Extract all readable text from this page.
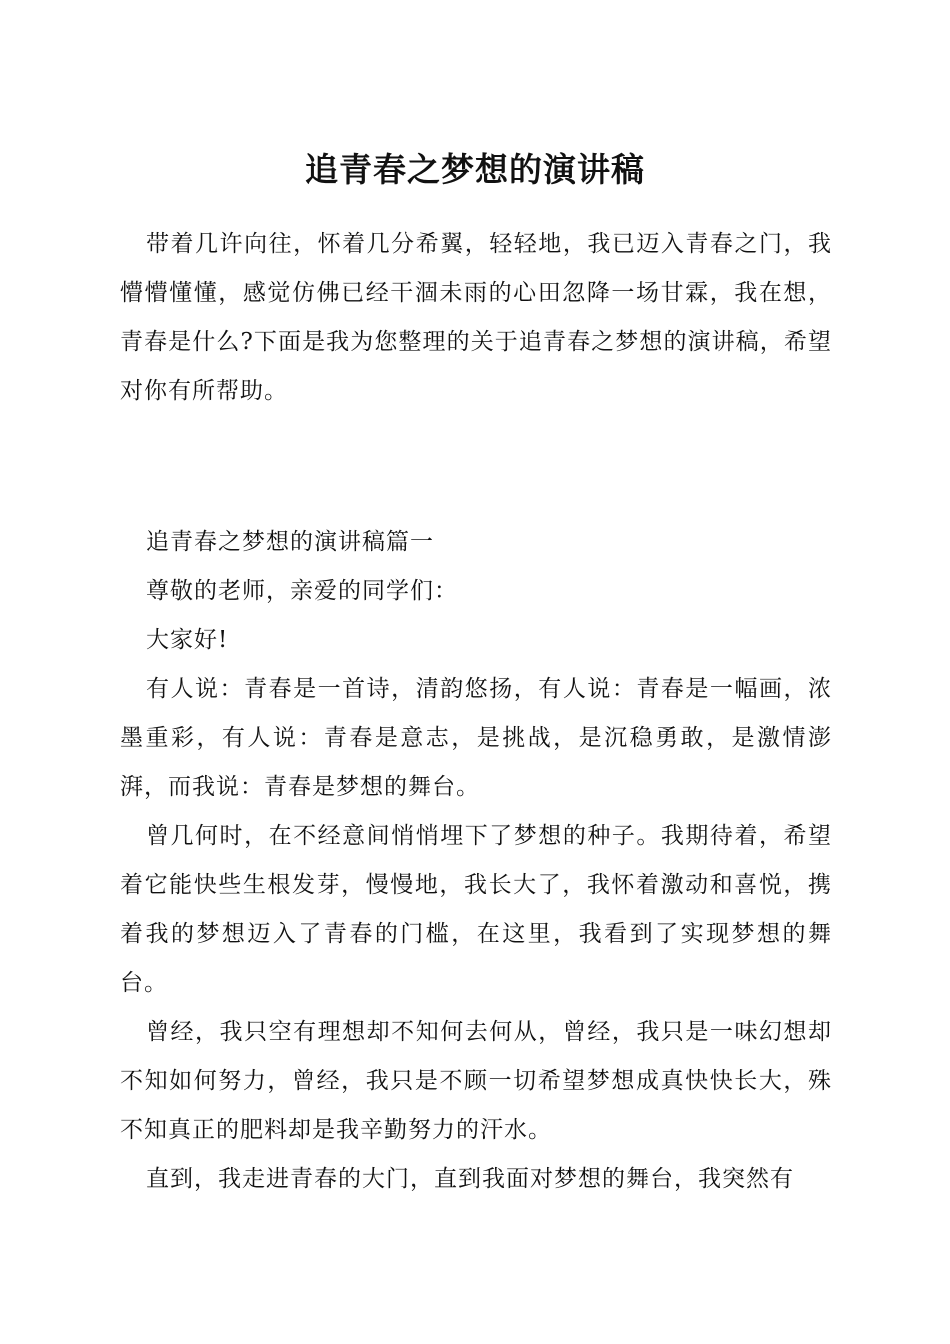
追青春之梦想的演讲稿

带着几许向往，怀着几分希翼，轻轻地，我已迈入青春之门，我懵懵懂懂，感觉仿佛已经干涸未雨的心田忽降一场甘霖，我在想，青春是什么?下面是我为您整理的关于追青春之梦想的演讲稿，希望对你有所帮助。

追青春之梦想的演讲稿篇一

尊敬的老师，亲爱的同学们：

大家好!

有人说：青春是一首诗，清韵悠扬，有人说：青春是一幅画，浓墨重彩，有人说：青春是意志，是挑战，是沉稳勇敢，是激情澎湃，而我说：青春是梦想的舞台。

曾几何时，在不经意间悄悄埋下了梦想的种子。我期待着，希望着它能快些生根发芽，慢慢地，我长大了，我怀着激动和喜悦，携着我的梦想迈入了青春的门槛，在这里，我看到了实现梦想的舞台。

曾经，我只空有理想却不知何去何从，曾经，我只是一味幻想却不知如何努力，曾经，我只是不顾一切希望梦想成真快快长大，殊不知真正的肥料却是我辛勤努力的汗水。

直到，我走进青春的大门，直到我面对梦想的舞台，我突然有
